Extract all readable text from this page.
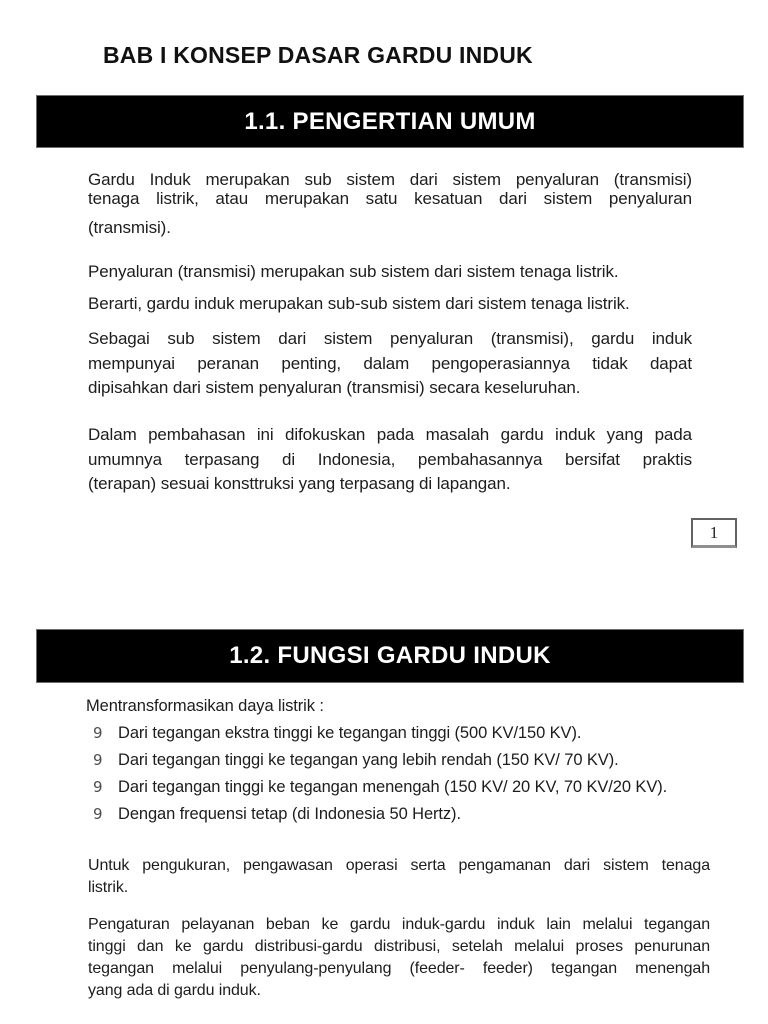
BAB I KONSEP DASAR GARDU INDUK
1.1. PENGERTIAN UMUM
Gardu Induk merupakan sub sistem dari sistem penyaluran (transmisi)
tenaga listrik, atau merupakan satu kesatuan dari sistem penyaluran
(transmisi).
Penyaluran (transmisi) merupakan sub sistem dari sistem tenaga listrik.
Berarti, gardu induk merupakan sub-sub sistem dari sistem tenaga listrik.
Sebagai sub sistem dari sistem penyaluran (transmisi), gardu induk
mempunyai peranan penting, dalam pengoperasiannya tidak dapat
dipisahkan dari sistem penyaluran (transmisi) secara keseluruhan.
Dalam pembahasan ini difokuskan pada masalah gardu induk yang pada
umumnya terpasang di Indonesia, pembahasannya bersifat praktis
(terapan) sesuai konsttruksi yang terpasang di lapangan.
1
1.2. FUNGSI GARDU INDUK
Mentransformasikan daya listrik :
9 Dari tegangan ekstra tinggi ke tegangan tinggi (500 KV/150 KV).
9 Dari tegangan tinggi ke tegangan yang lebih rendah (150 KV/ 70 KV).
9 Dari tegangan tinggi ke tegangan menengah (150 KV/ 20 KV, 70 KV/20 KV).
9 Dengan frequensi tetap (di Indonesia 50 Hertz).
Untuk pengukuran, pengawasan operasi serta pengamanan dari sistem tenaga
listrik.
Pengaturan pelayanan beban ke gardu induk-gardu induk lain melalui tegangan
tinggi dan ke gardu distribusi-gardu distribusi, setelah melalui proses penurunan
tegangan melalui penyulang-penyulang (feeder- feeder) tegangan menengah
yang ada di gardu induk.
